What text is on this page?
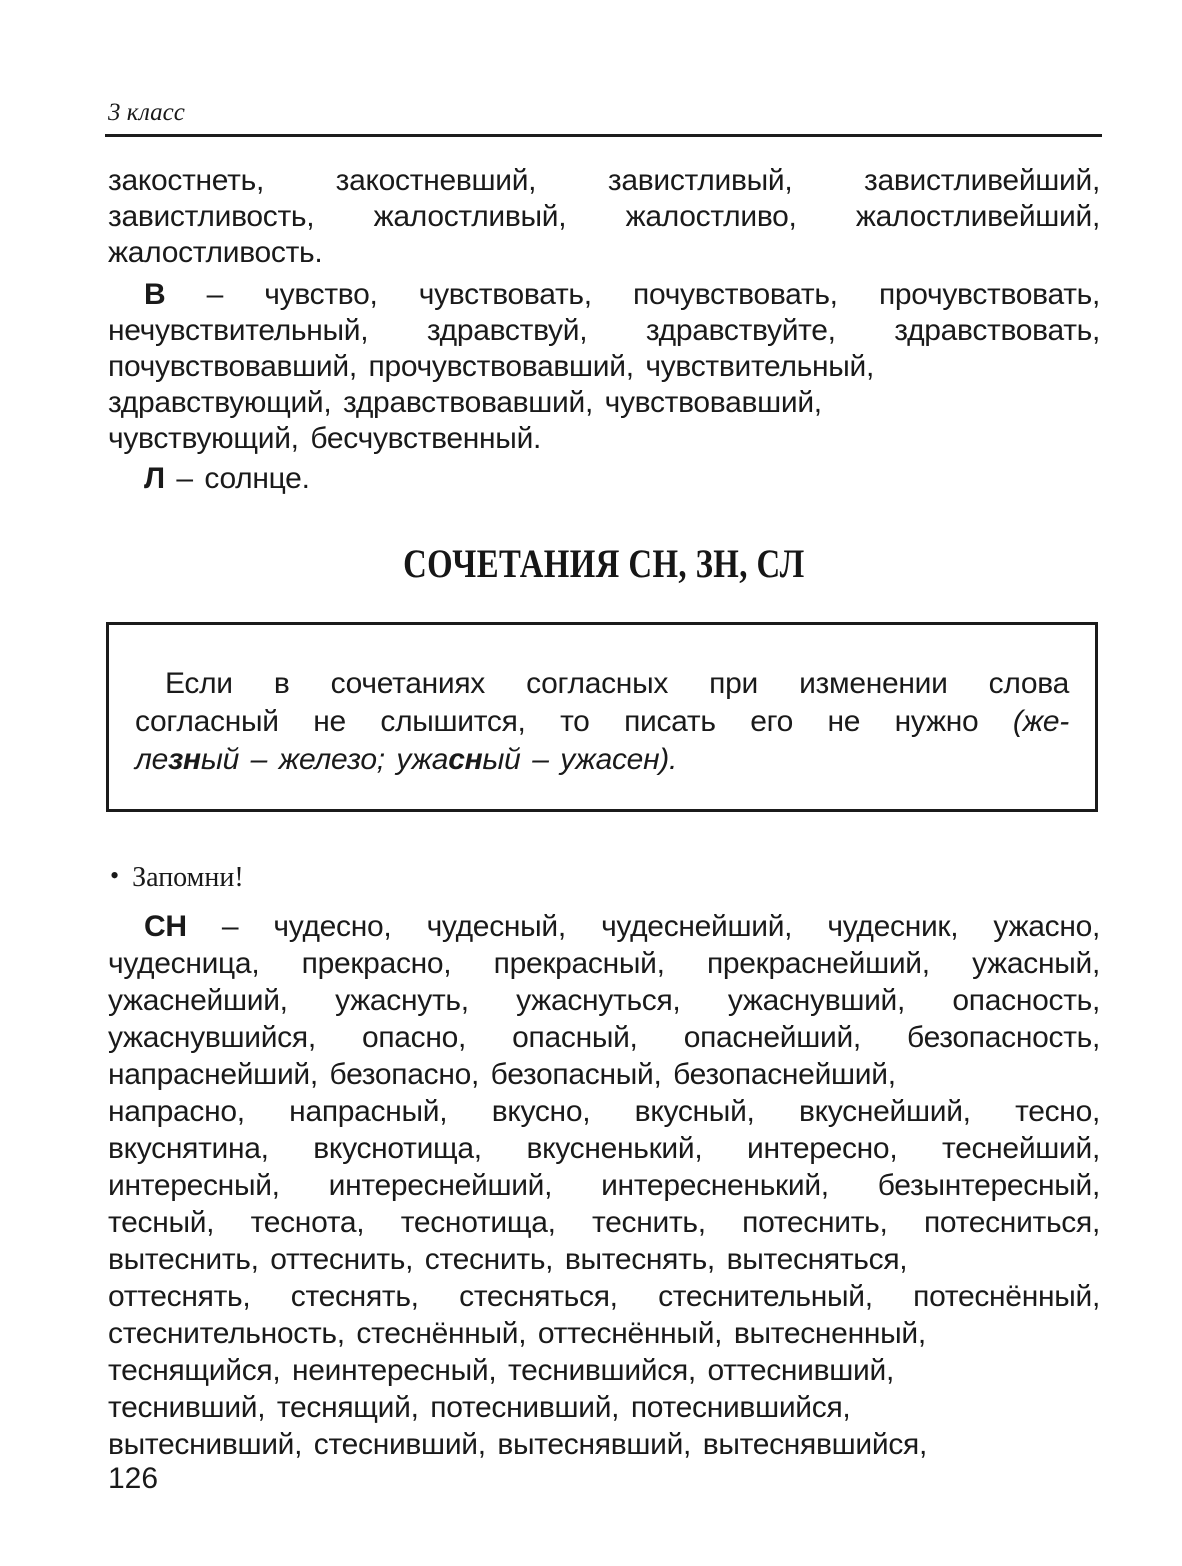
3 класс
закостнеть, закостневший, завистливый, завистливейший,
завистливость, жалостливый, жалостливо, жалостливейший,
жалостливость.
В – чувство, чувствовать, почувствовать, прочувствовать,
нечувствительный, здравствуй, здравствуйте, здравствовать,
почувствовавший, прочувствовавший, чувствительный,
здравствующий, здравствовавший, чувствовавший,
чувствующий, бесчувственный.
Л – солнце.
СОЧЕТАНИЯ СН, ЗН, СЛ
Если в сочетаниях согласных при изменении слова
согласный не слышится, то писать его не нужно (же-
лезный – железо; ужасный – ужасен).
• Запомни!
СН – чудесно, чудесный, чудеснейший, чудесник, ужасно,
чудесница, прекрасно, прекрасный, прекраснейший, ужасный,
ужаснейший, ужаснуть, ужаснуться, ужаснувший, опасность,
ужаснувшийся, опасно, опасный, опаснейший, безопасность,
напраснейший, безопасно, безопасный, безопаснейший,
напрасно, напрасный, вкусно, вкусный, вкуснейший, тесно,
вкуснятина, вкуснотища, вкусненький, интересно, теснейший,
интересный, интереснейший, интересненький, безынтересный,
тесный, теснота, теснотища, теснить, потеснить, потесниться,
вытеснить, оттеснить, стеснить, вытеснять, вытесняться,
оттеснять, стеснять, стесняться, стеснительный, потеснённый,
стеснительность, стеснённый, оттеснённый, вытесненный,
теснящийся, неинтересный, теснившийся, оттеснивший,
теснивший, теснящий, потеснивший, потеснившийся,
вытеснивший, стеснивший, вытеснявший, вытеснявшийся,
126
